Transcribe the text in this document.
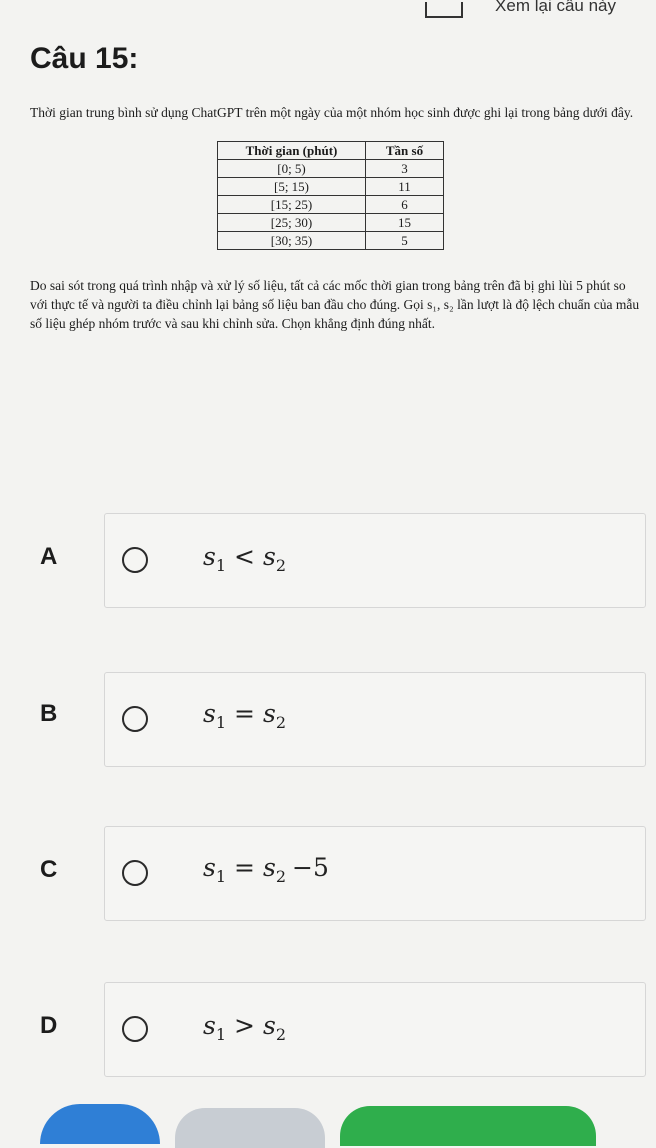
Xem lại câu này
Câu 15:
Thời gian trung bình sử dụng ChatGPT trên một ngày của một nhóm học sinh được ghi lại trong bảng dưới đây.
Thời gian (phút)	Tần số
[0; 5)	3
[5; 15)	11
[15; 25)	6
[25; 30)	15
[30; 35)	5
Do sai sót trong quá trình nhập và xử lý số liệu, tất cả các mốc thời gian trong bảng trên đã bị ghi lùi 5 phút so với thực tế và người ta điều chỉnh lại bảng số liệu ban đầu cho đúng. Gọi s₁, s₂ lần lượt là độ lệch chuẩn của mẫu số liệu ghép nhóm trước và sau khi chỉnh sửa. Chọn khẳng định đúng nhất.
A	$s_1 < s_2$
B	$s_1 = s_2$
C	$s_1 = s_2 -5$
D	$s_1 > s_2$
